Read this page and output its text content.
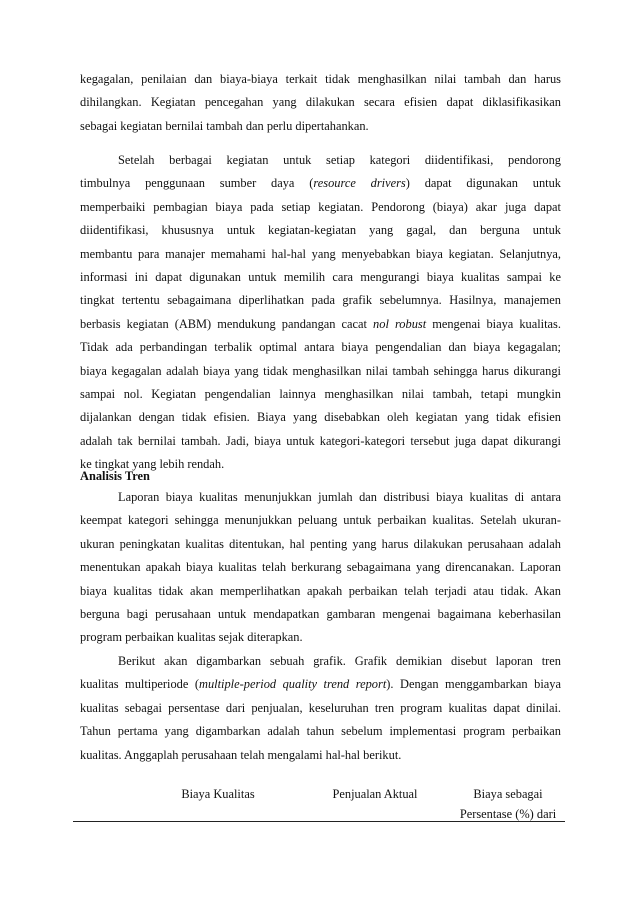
kegagalan, penilaian dan biaya-biaya terkait tidak menghasilkan nilai tambah dan harus
dihilangkan. Kegiatan pencegahan yang dilakukan secara efisien dapat diklasifikasikan
sebagai kegiatan bernilai tambah dan perlu dipertahankan.
Setelah berbagai kegiatan untuk setiap kategori diidentifikasi, pendorong
timbulnya penggunaan sumber daya (resource drivers) dapat digunakan untuk
memperbaiki pembagian biaya pada setiap kegiatan. Pendorong (biaya) akar juga dapat
diidentifikasi, khususnya untuk kegiatan-kegiatan yang gagal, dan berguna untuk
membantu para manajer memahami hal-hal yang menyebabkan biaya kegiatan. Selanjutnya,
informasi ini dapat digunakan untuk memilih cara mengurangi biaya kualitas sampai ke
tingkat tertentu sebagaimana diperlihatkan pada grafik sebelumnya. Hasilnya, manajemen
berbasis kegiatan (ABM) mendukung pandangan cacat nol robust mengenai biaya kualitas.
Tidak ada perbandingan terbalik optimal antara biaya pengendalian dan biaya kegagalan;
biaya kegagalan adalah biaya yang tidak menghasilkan nilai tambah sehingga harus dikurangi
sampai nol. Kegiatan pengendalian lainnya menghasilkan nilai tambah, tetapi mungkin
dijalankan dengan tidak efisien. Biaya yang disebabkan oleh kegiatan yang tidak efisien
adalah tak bernilai tambah. Jadi, biaya untuk kategori-kategori tersebut juga dapat dikurangi
ke tingkat yang lebih rendah.
Analisis Tren
Laporan biaya kualitas menunjukkan jumlah dan distribusi biaya kualitas di antara
keempat kategori sehingga menunjukkan peluang untuk perbaikan kualitas. Setelah ukuran-
ukuran peningkatan kualitas ditentukan, hal penting yang harus dilakukan perusahaan adalah
menentukan apakah biaya kualitas telah berkurang sebagaimana yang direncanakan. Laporan
biaya kualitas tidak akan memperlihatkan apakah perbaikan telah terjadi atau tidak. Akan
berguna bagi perusahaan untuk mendapatkan gambaran mengenai bagaimana keberhasilan
program perbaikan kualitas sejak diterapkan.
Berikut akan digambarkan sebuah grafik. Grafik demikian disebut laporan tren
kualitas multiperiode (multiple-period quality trend report). Dengan menggambarkan biaya
kualitas sebagai persentase dari penjualan, keseluruhan tren program kualitas dapat dinilai.
Tahun pertama yang digambarkan adalah tahun sebelum implementasi program perbaikan
kualitas. Anggaplah perusahaan telah mengalami hal-hal berikut.
Biaya Kualitas	Penjualan Aktual	Biaya sebagai
Persentase (%) dari
